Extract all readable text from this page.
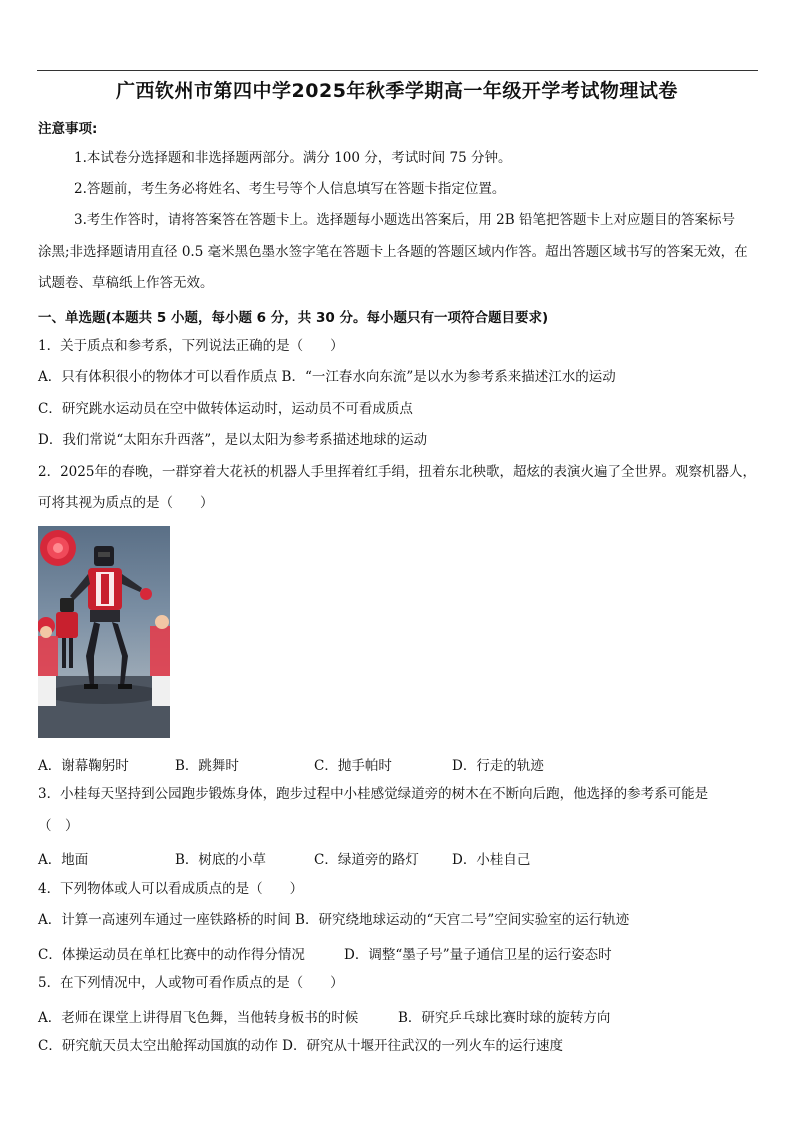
广西钦州市第四中学2025年秋季学期高一年级开学考试物理试卷
注意事项:
1.本试卷分选择题和非选择题两部分。满分 100 分，考试时间 75 分钟。
2.答题前，考生务必将姓名、考生号等个人信息填写在答题卡指定位置。
3.考生作答时，请将答案答在答题卡上。选择题每小题选出答案后，用 2B 铅笔把答题卡上对应题目的答案标号
涂黑;非选择题请用直径 0.5 毫米黑色墨水签字笔在答题卡上各题的答题区域内作答。超出答题区域书写的答案无效，在
试题卷、草稿纸上作答无效。
一、单选题(本题共 5 小题，每小题 6 分，共 30 分。每小题只有一项符合题目要求)
1．关于质点和参考系，下列说法正确的是（　　）
A．只有体积很小的物体才可以看作质点 B．“一江春水向东流”是以水为参考系来描述江水的运动
C．研究跳水运动员在空中做转体运动时，运动员不可看成质点
D．我们常说“太阳东升西落”，是以太阳为参考系描述地球的运动
2．2025年的春晚，一群穿着大花袄的机器人手里挥着红手绢，扭着东北秧歌，超炫的表演火遍了全世界。观察机器人，
可将其视为质点的是（　　）
A．谢幕鞠躬时	B．跳舞时	C．抛手帕时	D．行走的轨迹
3．小桂每天坚持到公园跑步锻炼身体，跑步过程中小桂感觉绿道旁的树木在不断向后跑，他选择的参考系可能是
（　）
A．地面	B．树底的小草	C．绿道旁的路灯 D．小桂自己
4．下列物体或人可以看成质点的是（　　）
A．计算一高速列车通过一座铁路桥的时间 B．研究绕地球运动的“天宫二号”空间实验室的运行轨迹
C．体操运动员在单杠比赛中的动作得分情况	D．调整“墨子号”量子通信卫星的运行姿态时
5．在下列情况中，人或物可看作质点的是（　　）
A．老师在课堂上讲得眉飞色舞，当他转身板书的时候	B．研究乒乓球比赛时球的旋转方向
C．研究航天员太空出舱挥动国旗的动作 D．研究从十堰开往武汉的一列火车的运行速度
